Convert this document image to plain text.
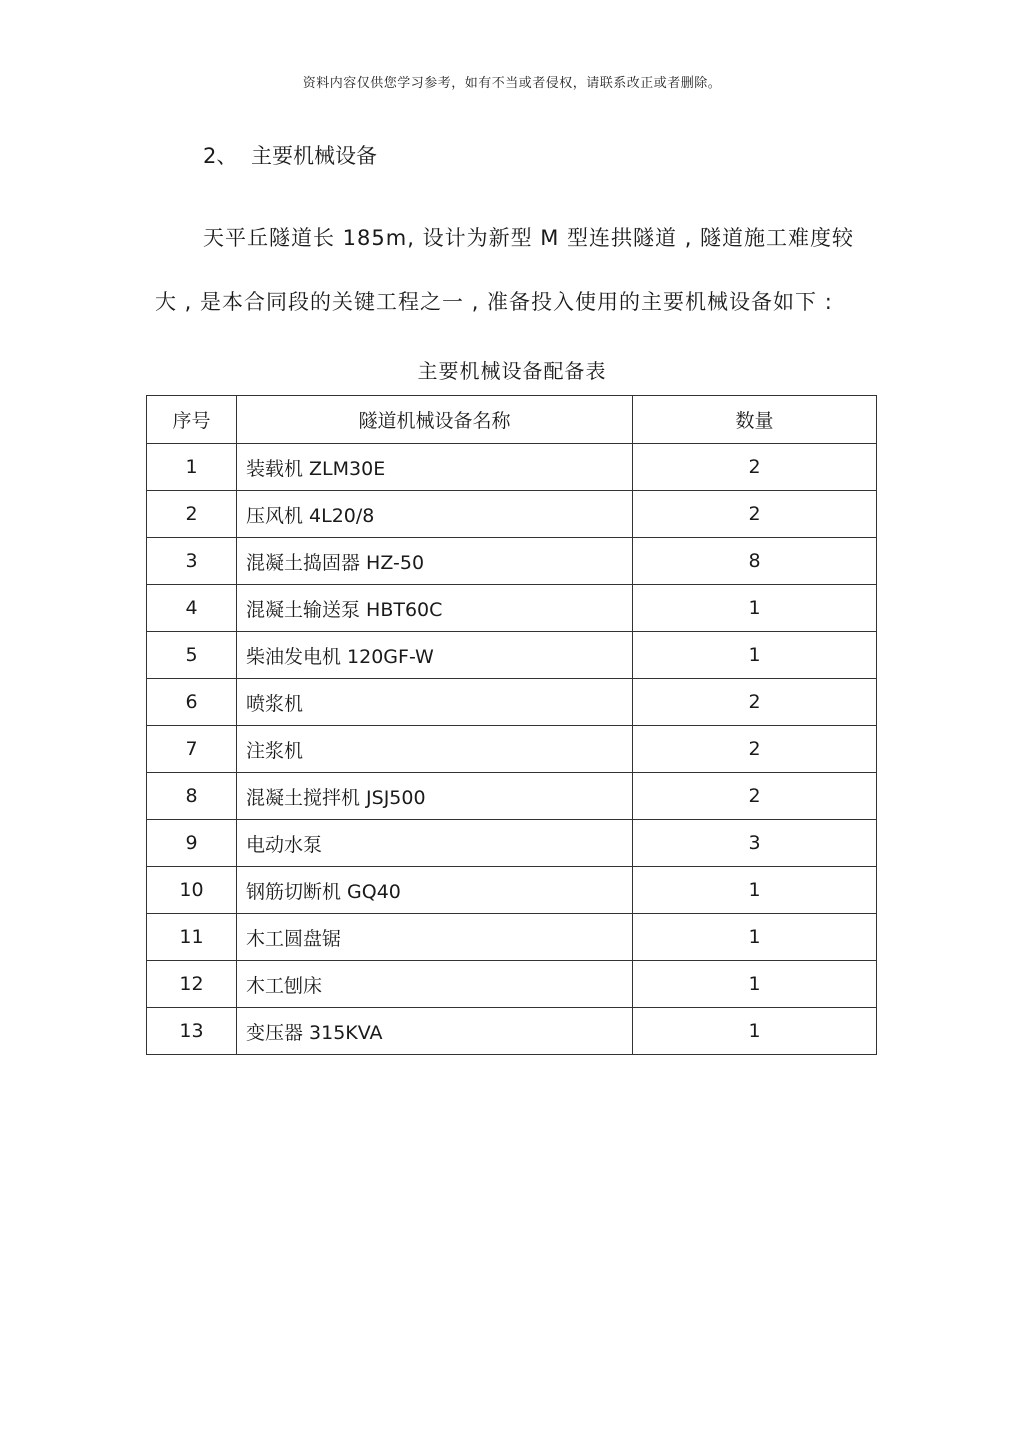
资料内容仅供您学习参考，如有不当或者侵权，请联系改正或者删除。
2、 主要机械设备
天平丘隧道长 185m, 设计为新型 M 型连拱隧道 , 隧道施工难度较
大 , 是本合同段的关键工程之一 , 准备投入使用的主要机械设备如下 :
主要机械设备配备表
序号	隧道机械设备名称	数量
1	装载机 ZLM30E	2
2	压风机 4L20/8	2
3	混凝土捣固器 HZ-50	8
4	混凝土输送泵 HBT60C	1
5	柴油发电机 120GF-W	1
6	喷浆机	2
7	注浆机	2
8	混凝土搅拌机 JSJ500	2
9	电动水泵	3
10	钢筋切断机 GQ40	1
11	木工圆盘锯	1
12	木工刨床	1
13	变压器 315KVA	1
